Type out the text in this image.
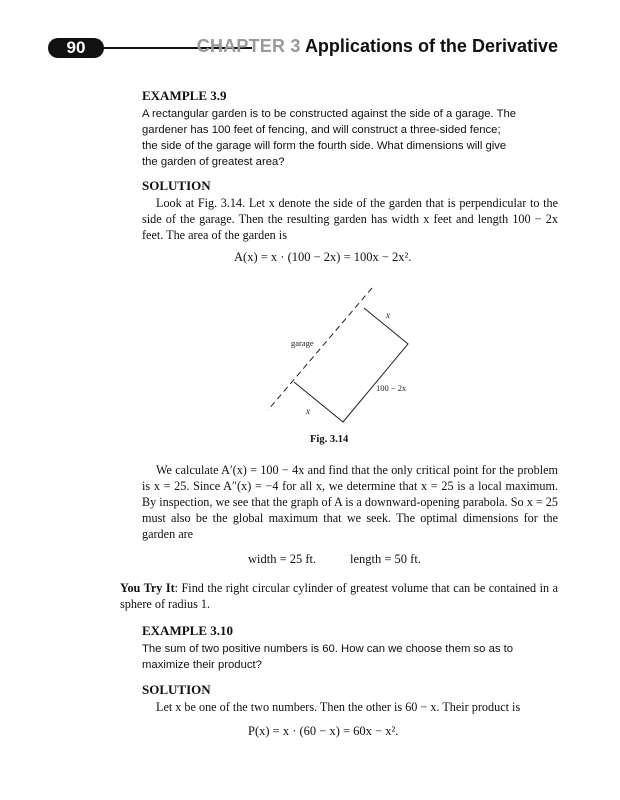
90	CHAPTER 3 Applications of the Derivative

EXAMPLE 3.9

A rectangular garden is to be constructed against the side of a garage. The

gardener has 100 feet of fencing, and will construct a three-sided fence;

the side of the garage will form the fourth side. What dimensions will give

the garden of greatest area?

SOLUTION

Look at Fig. 3.14. Let x denote the side of the garden that is perpendicular to the side of the garage. Then the resulting garden has width x feet and length 100 − 2x feet. The area of the garden is

A(x) = x · (100 − 2x) = 100x − 2x².
garage
x
x
100 − 2x
Fig. 3.14

We calculate A′(x) = 100 − 4x and find that the only critical point for the problem is x = 25. Since A″(x) = −4 for all x, we determine that x = 25 is a local maximum. By inspection, we see that the graph of A is a downward-opening parabola. So x = 25 must also be the global maximum that we seek. The optimal dimensions for the garden are

width = 25 ft.	length = 50 ft.

You Try It: Find the right circular cylinder of greatest volume that can be contained in a sphere of radius 1.

EXAMPLE 3.10

The sum of two positive numbers is 60. How can we choose them so as to

maximize their product?

SOLUTION

Let x be one of the two numbers. Then the other is 60 − x. Their product is

P(x) = x · (60 − x) = 60x − x².
